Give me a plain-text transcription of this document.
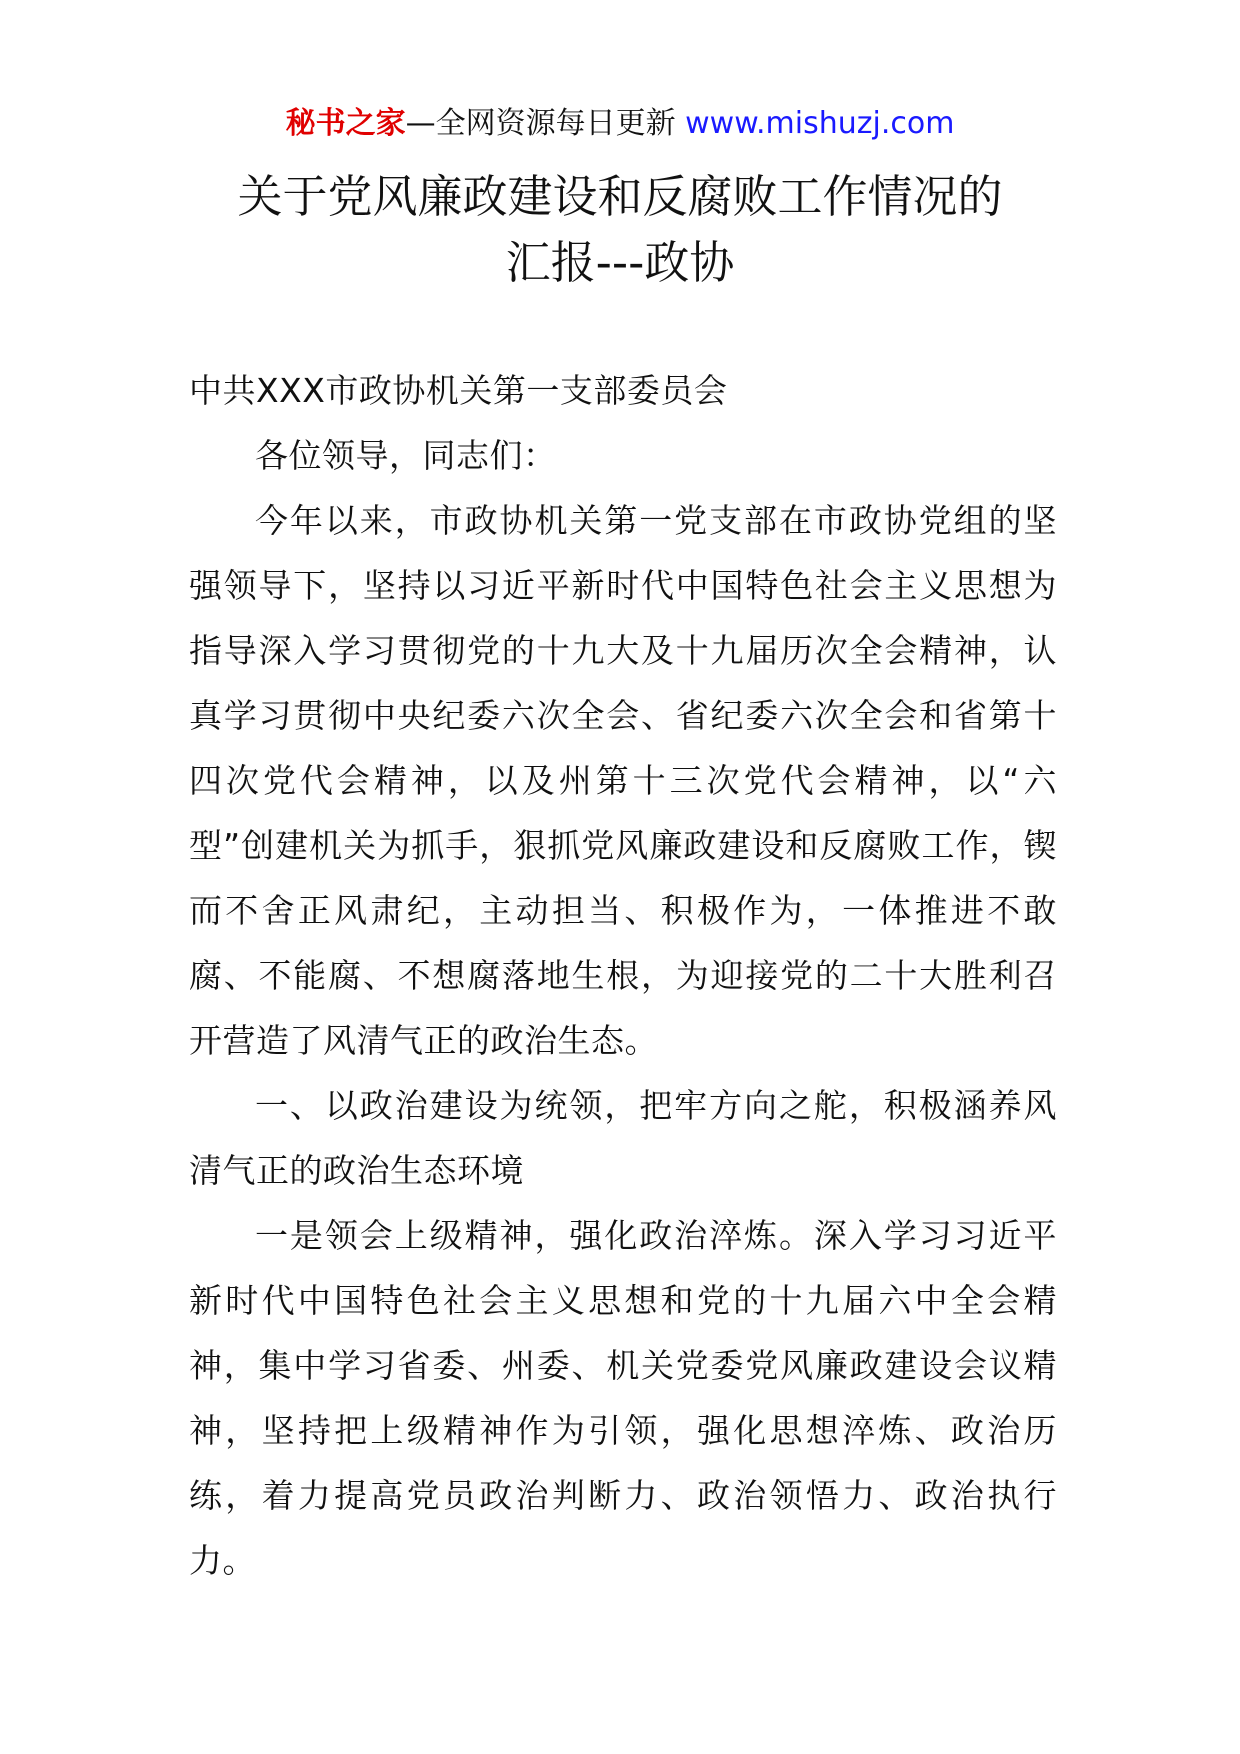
秘书之家—全网资源每日更新 www.mishuzj.com
关于党风廉政建设和反腐败工作情况的
汇报---政协

中共XXX市政协机关第一支部委员会

各位领导，同志们：

今年以来，市政协机关第一党支部在市政协党组的坚强领导下，坚持以习近平新时代中国特色社会主义思想为指导深入学习贯彻党的十九大及十九届历次全会精神，认真学习贯彻中央纪委六次全会、省纪委六次全会和省第十四次党代会精神，以及州第十三次党代会精神，以“六型”创建机关为抓手，狠抓党风廉政建设和反腐败工作，锲而不舍正风肃纪，主动担当、积极作为，一体推进不敢腐、不能腐、不想腐落地生根，为迎接党的二十大胜利召开营造了风清气正的政治生态。

一、以政治建设为统领，把牢方向之舵，积极涵养风清气正的政治生态环境

一是领会上级精神，强化政治淬炼。深入学习习近平新时代中国特色社会主义思想和党的十九届六中全会精神，集中学习省委、州委、机关党委党风廉政建设会议精神，坚持把上级精神作为引领，强化思想淬炼、政治历练，着力提高党员政治判断力、政治领悟力、政治执行力。
